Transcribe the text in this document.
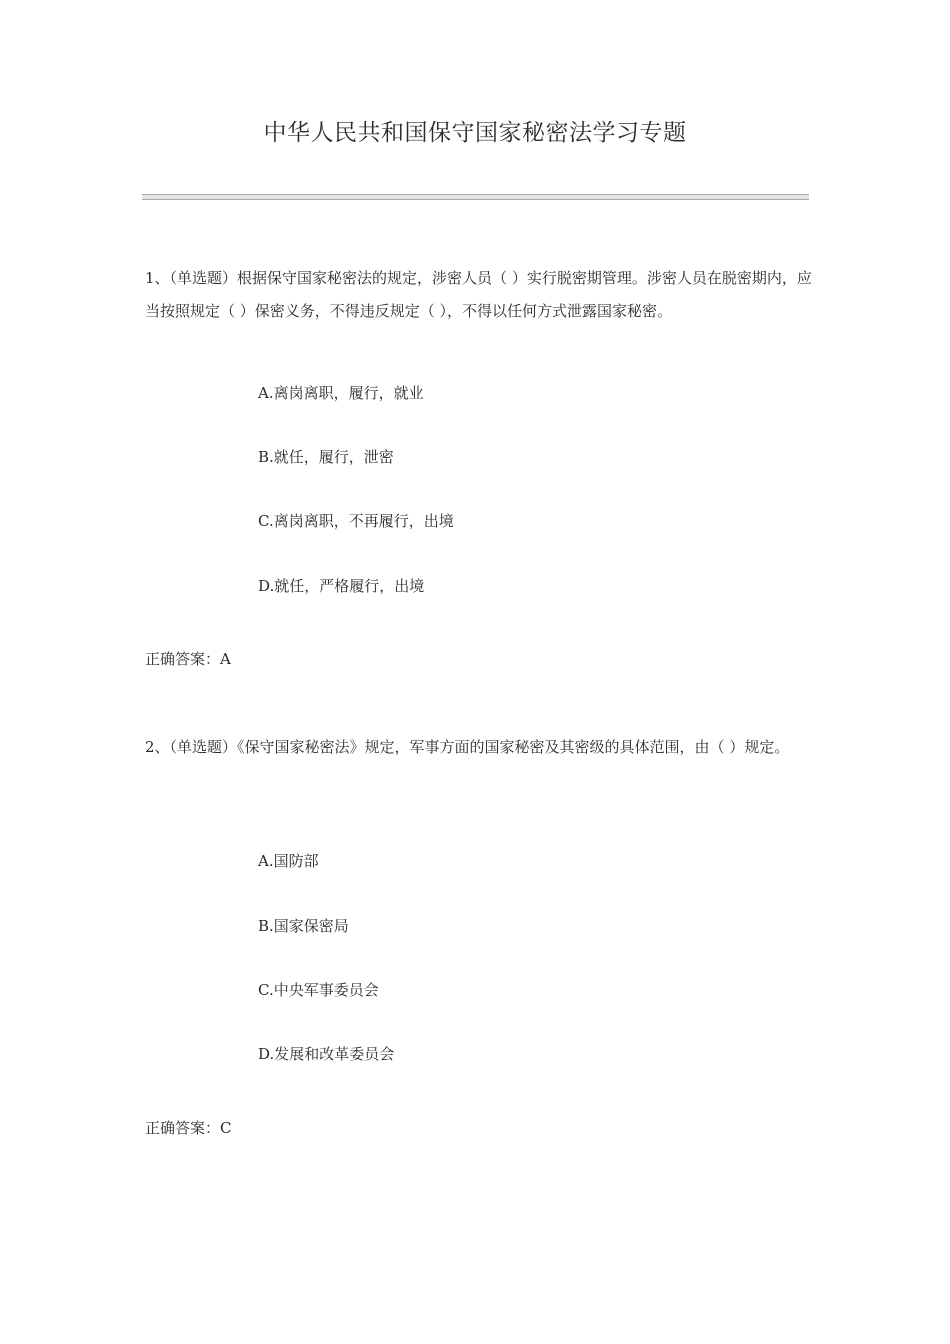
中华人民共和国保守国家秘密法学习专题
1、（单选题）根据保守国家秘密法的规定，涉密人员（ ）实行脱密期管理。涉密人员在脱密期内，应当按照规定（ ）保密义务，不得违反规定（ ），不得以任何方式泄露国家秘密。
A.离岗离职，履行，就业
B.就任，履行，泄密
C.离岗离职，不再履行，出境
D.就任，严格履行，出境
正确答案：A
2、（单选题）《保守国家秘密法》规定，军事方面的国家秘密及其密级的具体范围，由（ ）规定。
A.国防部
B.国家保密局
C.中央军事委员会
D.发展和改革委员会
正确答案：C
